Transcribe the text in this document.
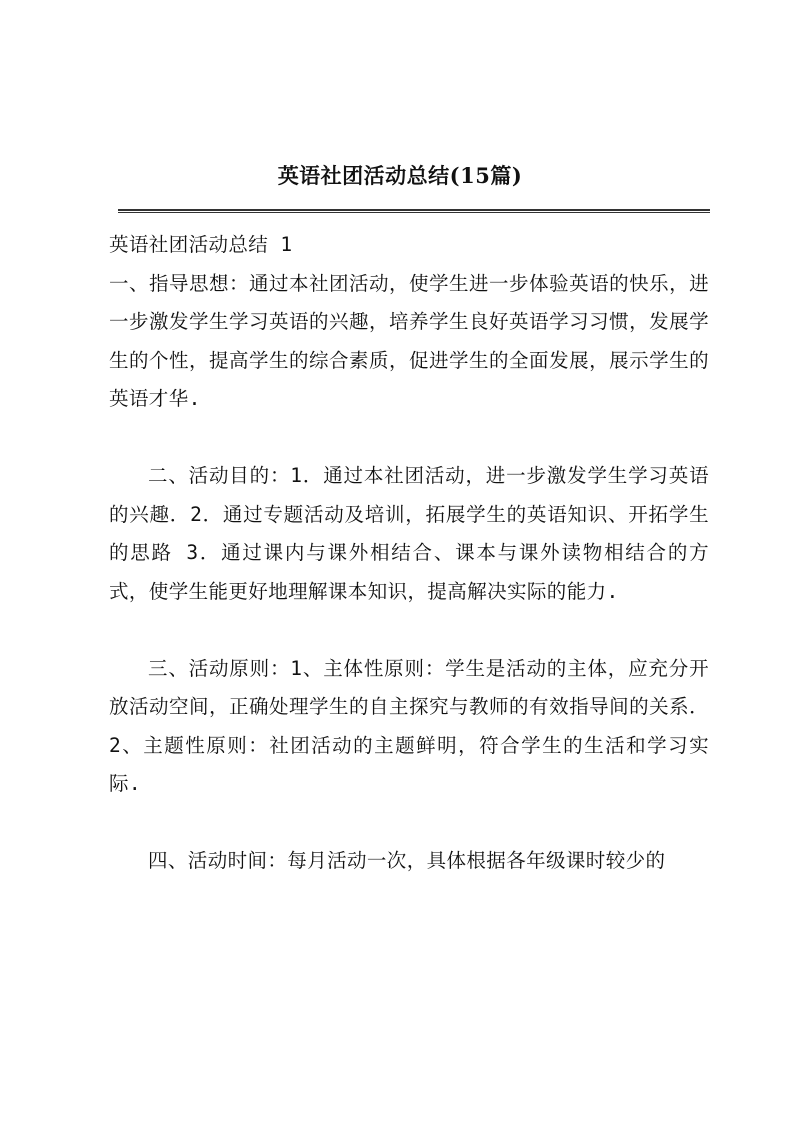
英语社团活动总结(15篇)

英语社团活动总结 1

一、指导思想：通过本社团活动，使学生进一步体验英语的快乐，进一步激发学生学习英语的兴趣，培养学生良好英语学习习惯，发展学生的个性，提高学生的综合素质，促进学生的全面发展，展示学生的英语才华.

二、活动目的：1．通过本社团活动，进一步激发学生学习英语的兴趣．2．通过专题活动及培训，拓展学生的英语知识、开拓学生的思路 3．通过课内与课外相结合、课本与课外读物相结合的方式，使学生能更好地理解课本知识，提高解决实际的能力.

三、活动原则：1、主体性原则：学生是活动的主体，应充分开放活动空间，正确处理学生的自主探究与教师的有效指导间的关系．2、主题性原则：社团活动的主题鲜明，符合学生的生活和学习实际.

四、活动时间：每月活动一次，具体根据各年级课时较少的
